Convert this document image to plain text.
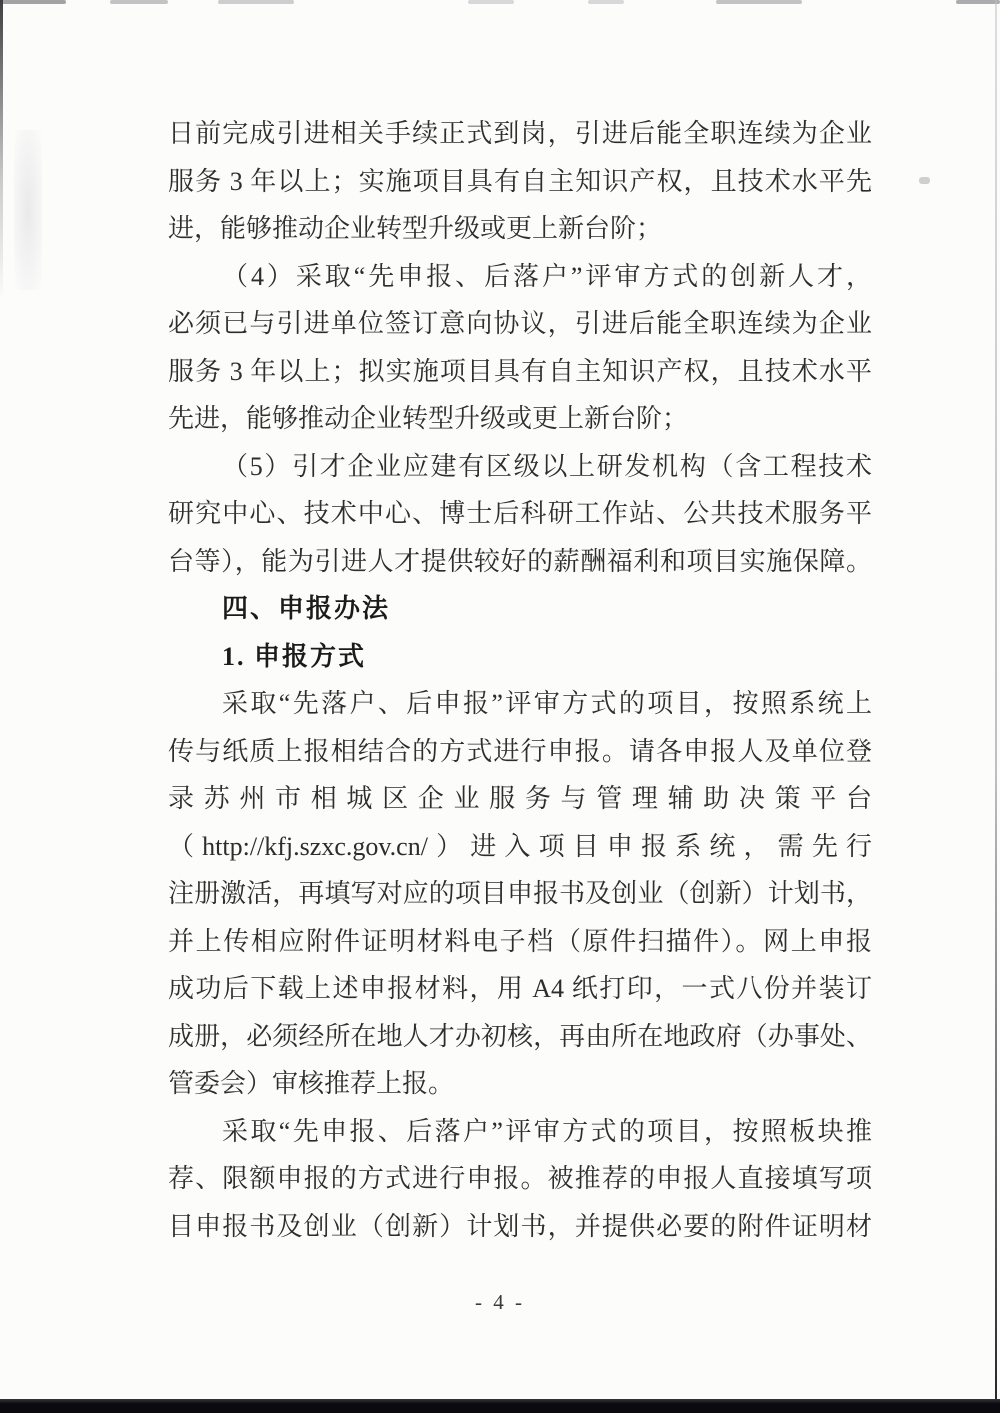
日前完成引进相关手续正式到岗，引进后能全职连续为企业
服务 3 年以上；实施项目具有自主知识产权，且技术水平先
进，能够推动企业转型升级或更上新台阶；
（4）采取“先申报、后落户”评审方式的创新人才，
必须已与引进单位签订意向协议，引进后能全职连续为企业
服务 3 年以上；拟实施项目具有自主知识产权，且技术水平
先进，能够推动企业转型升级或更上新台阶；
（5）引才企业应建有区级以上研发机构（含工程技术
研究中心、技术中心、博士后科研工作站、公共技术服务平
台等），能为引进人才提供较好的薪酬福利和项目实施保障。
四、申报办法
1. 申报方式
采取“先落户、后申报”评审方式的项目，按照系统上
传与纸质上报相结合的方式进行申报。请各申报人及单位登
录苏州市相城区企业服务与管理辅助决策平台
（http://kfj.szxc.gov.cn/）进入项目申报系统，需先行
注册激活，再填写对应的项目申报书及创业（创新）计划书，
并上传相应附件证明材料电子档（原件扫描件）。网上申报
成功后下载上述申报材料，用 A4 纸打印，一式八份并装订
成册，必须经所在地人才办初核，再由所在地政府（办事处、
管委会）审核推荐上报。
采取“先申报、后落户”评审方式的项目，按照板块推
荐、限额申报的方式进行申报。被推荐的申报人直接填写项
目申报书及创业（创新）计划书，并提供必要的附件证明材
- 4 -
